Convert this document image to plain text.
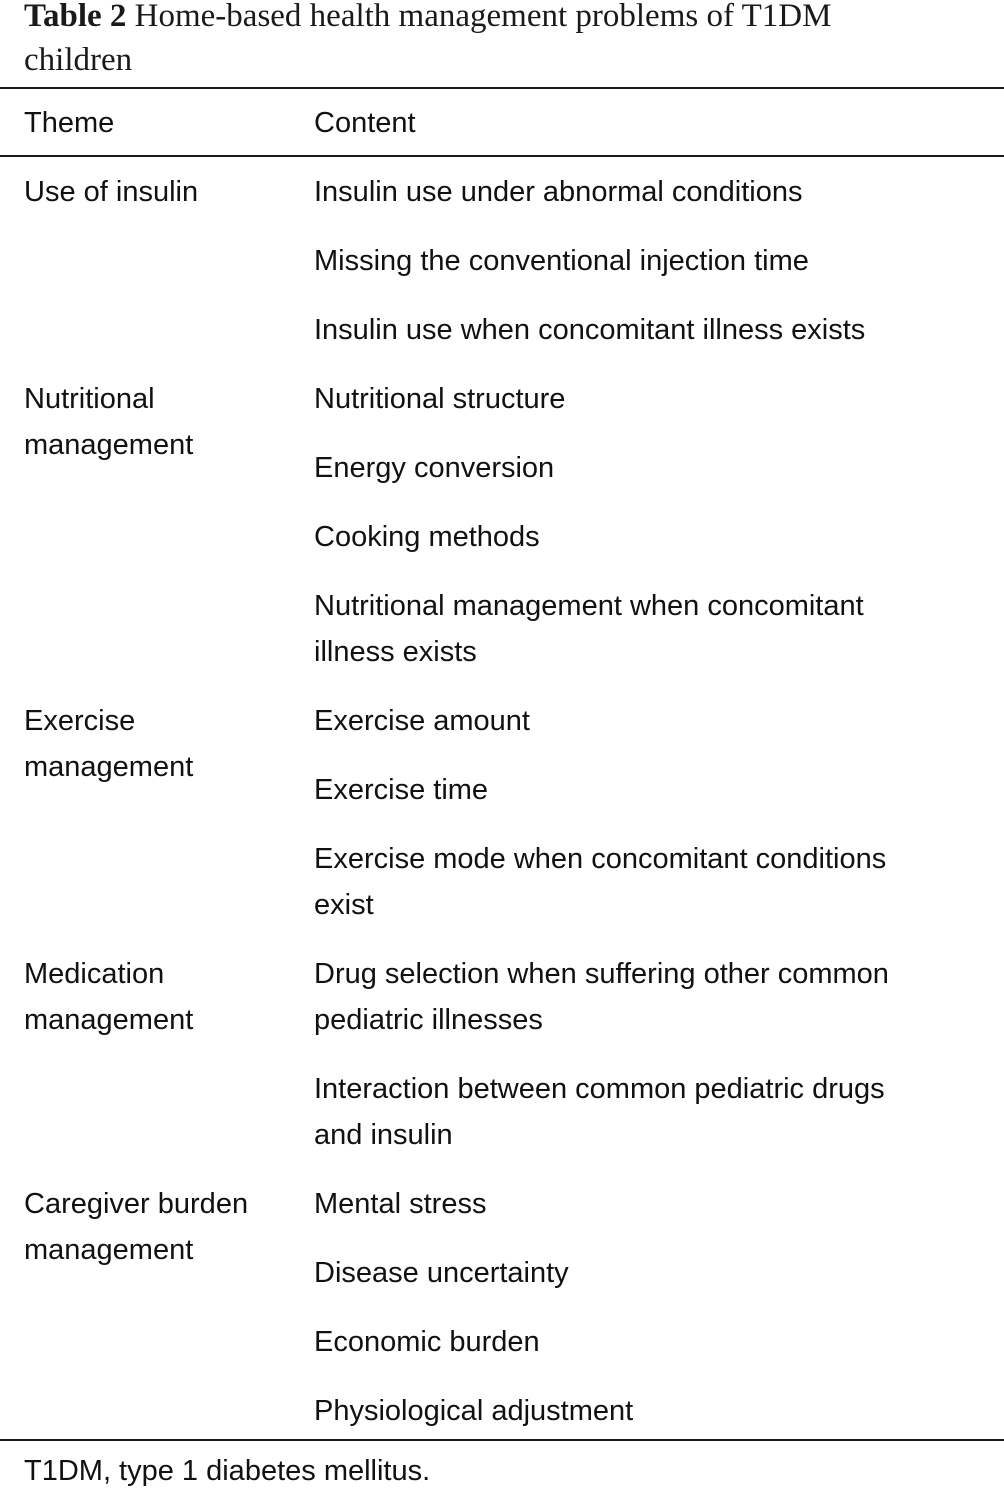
Table 2 Home-based health management problems of T1DM
children
Theme	Content
Use of insulin	Insulin use under abnormal conditions
Missing the conventional injection time
Insulin use when concomitant illness exists
Nutritional
management
Nutritional structure
Energy conversion
Cooking methods
Nutritional management when concomitant
illness exists
Exercise
management
Exercise amount
Exercise time
Exercise mode when concomitant conditions
exist
Medication
management
Drug selection when suffering other common
pediatric illnesses
Interaction between common pediatric drugs
and insulin
Caregiver burden
management
Mental stress
Disease uncertainty
Economic burden
Physiological adjustment
T1DM, type 1 diabetes mellitus.
